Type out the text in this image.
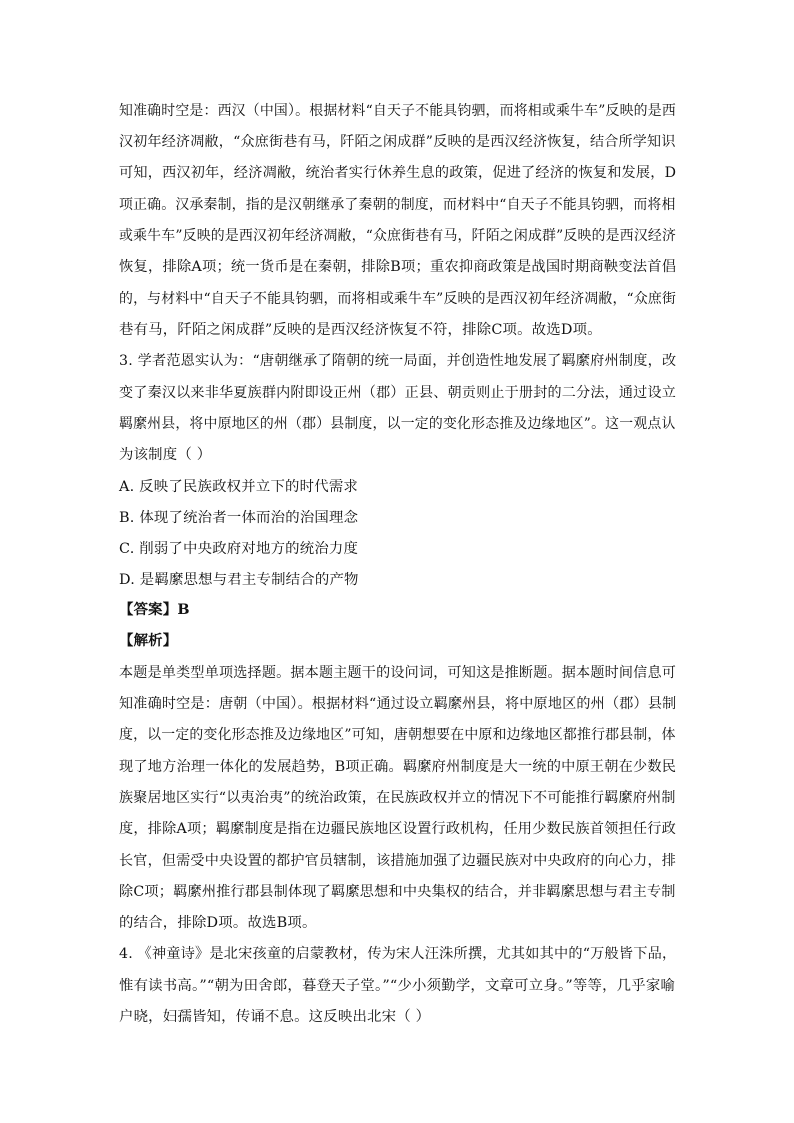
知准确时空是：西汉（中国）。根据材料“自天子不能具钧驷，而将相或乘牛车”反映的是西
汉初年经济凋敝，“众庶街巷有马，阡陌之闲成群”反映的是西汉经济恢复，结合所学知识
可知，西汉初年，经济凋敝，统治者实行休养生息的政策，促进了经济的恢复和发展，D
项正确。汉承秦制，指的是汉朝继承了秦朝的制度，而材料中“自天子不能具钧驷，而将相
或乘牛车”反映的是西汉初年经济凋敝，“众庶街巷有马，阡陌之闲成群”反映的是西汉经济
恢复，排除A项；统一货币是在秦朝，排除B项；重农抑商政策是战国时期商鞅变法首倡
的，与材料中“自天子不能具钧驷，而将相或乘牛车”反映的是西汉初年经济凋敝，“众庶街
巷有马，阡陌之闲成群”反映的是西汉经济恢复不符，排除C项。故选D项。
3. 学者范恩实认为：“唐朝继承了隋朝的统一局面，并创造性地发展了羁縻府州制度，改
变了秦汉以来非华夏族群内附即设正州（郡）正县、朝贡则止于册封的二分法，通过设立
羁縻州县，将中原地区的州（郡）县制度，以一定的变化形态推及边缘地区”。这一观点认
为该制度（ ）
A. 反映了民族政权并立下的时代需求
B. 体现了统治者一体而治的治国理念
C. 削弱了中央政府对地方的统治力度
D. 是羁縻思想与君主专制结合的产物
【答案】B
【解析】
本题是单类型单项选择题。据本题主题干的设问词，可知这是推断题。据本题时间信息可
知准确时空是：唐朝（中国）。根据材料“通过设立羁縻州县，将中原地区的州（郡）县制
度，以一定的变化形态推及边缘地区”可知，唐朝想要在中原和边缘地区都推行郡县制，体
现了地方治理一体化的发展趋势，B项正确。羁縻府州制度是大一统的中原王朝在少数民
族聚居地区实行“以夷治夷”的统治政策，在民族政权并立的情况下不可能推行羁縻府州制
度，排除A项；羁縻制度是指在边疆民族地区设置行政机构，任用少数民族首领担任行政
长官，但需受中央设置的都护官员辖制，该措施加强了边疆民族对中央政府的向心力，排
除C项；羁縻州推行郡县制体现了羁縻思想和中央集权的结合，并非羁縻思想与君主专制
的结合，排除D项。故选B项。
4. 《神童诗》是北宋孩童的启蒙教材，传为宋人汪洙所撰，尤其如其中的“万般皆下品，
惟有读书高。”“朝为田舍郎，暮登天子堂。”“少小须勤学，文章可立身。”等等，几乎家喻
户晓，妇孺皆知，传诵不息。这反映出北宋（ ）
